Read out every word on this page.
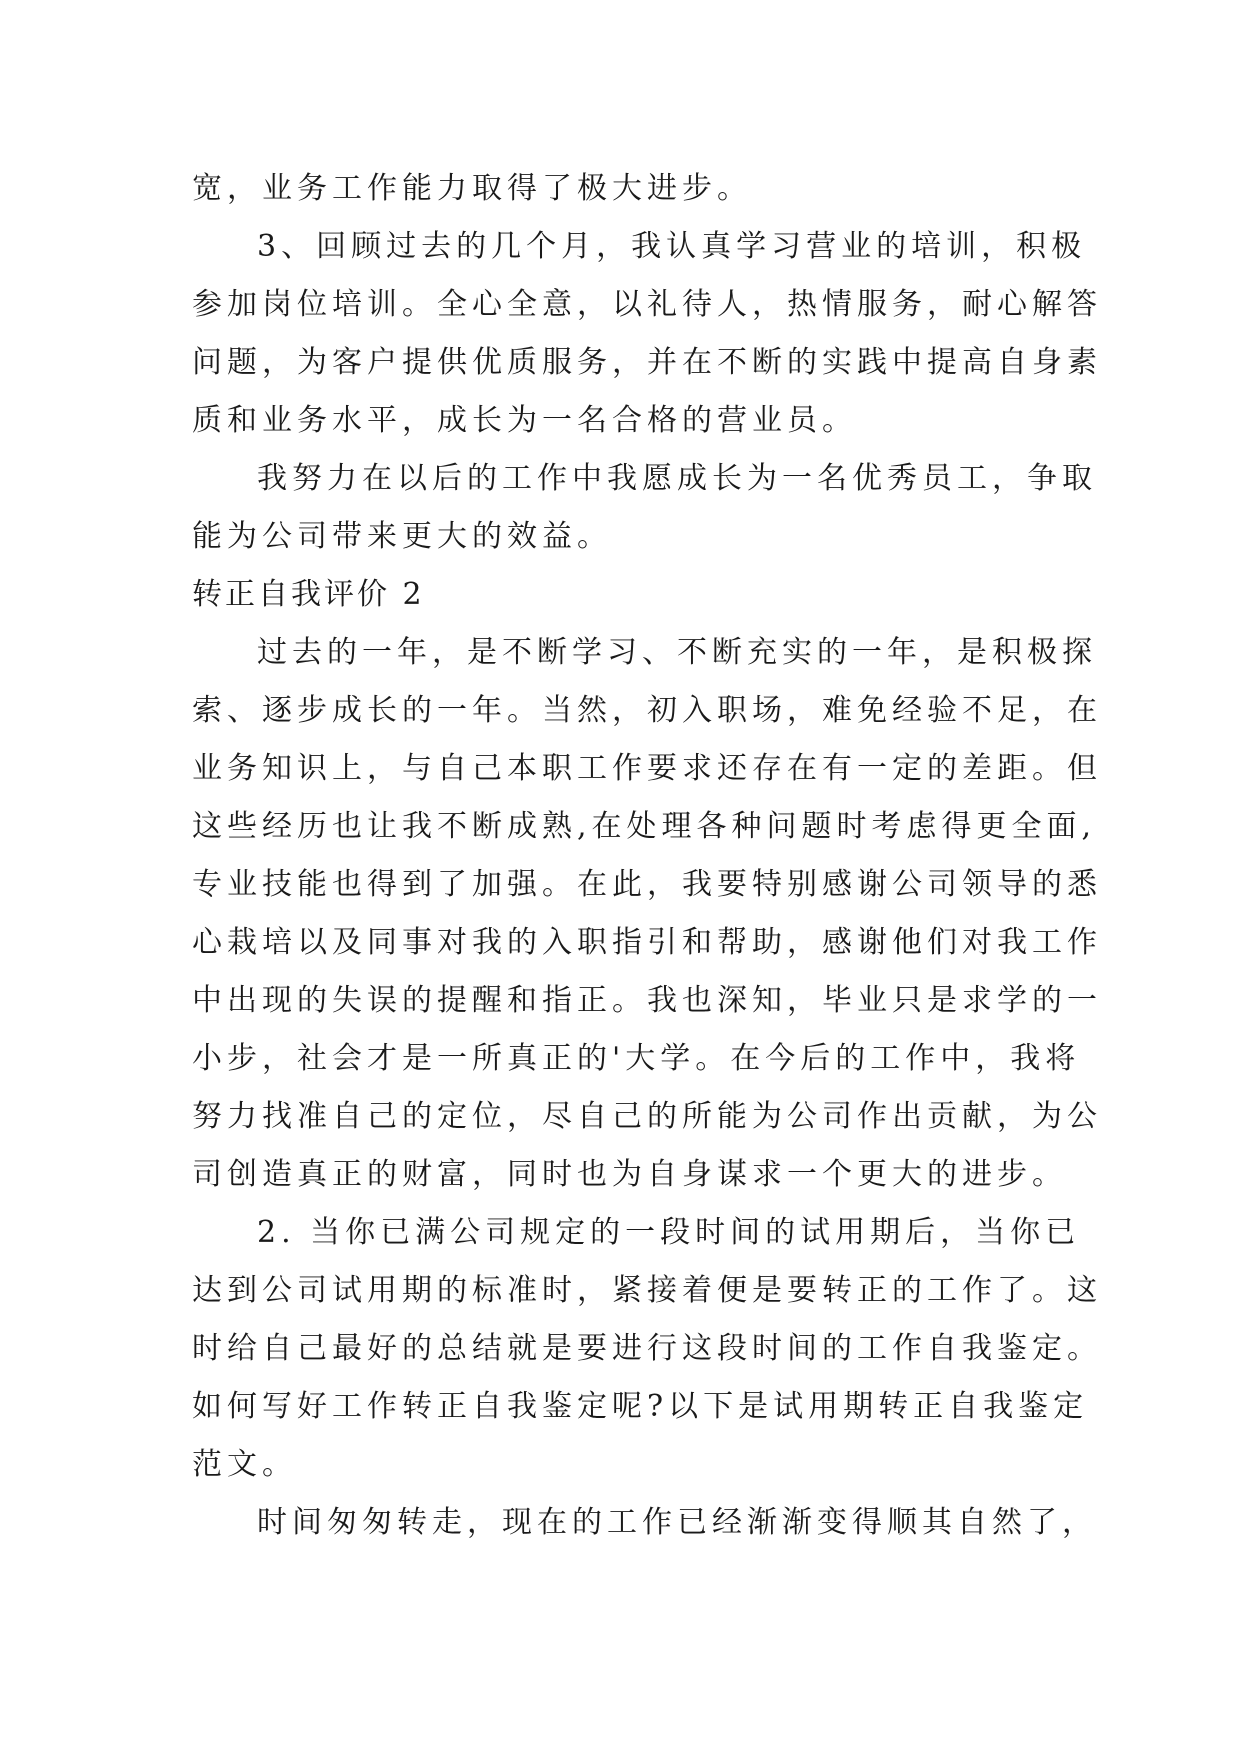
宽，业务工作能力取得了极大进步。
3、回顾过去的几个月，我认真学习营业的培训，积极
参加岗位培训。全心全意，以礼待人，热情服务，耐心解答
问题，为客户提供优质服务，并在不断的实践中提高自身素
质和业务水平，成长为一名合格的营业员。
我努力在以后的工作中我愿成长为一名优秀员工，争取
能为公司带来更大的效益。
转正自我评价 2
过去的一年，是不断学习、不断充实的一年，是积极探
索、逐步成长的一年。当然，初入职场，难免经验不足，在
业务知识上，与自己本职工作要求还存在有一定的差距。但
这些经历也让我不断成熟,在处理各种问题时考虑得更全面,
专业技能也得到了加强。在此，我要特别感谢公司领导的悉
心栽培以及同事对我的入职指引和帮助，感谢他们对我工作
中出现的失误的提醒和指正。我也深知，毕业只是求学的一
小步，社会才是一所真正的'大学。在今后的工作中，我将
努力找准自己的定位，尽自己的所能为公司作出贡献，为公
司创造真正的财富，同时也为自身谋求一个更大的进步。
2. 当你已满公司规定的一段时间的试用期后，当你已
达到公司试用期的标准时，紧接着便是要转正的工作了。这
时给自己最好的总结就是要进行这段时间的工作自我鉴定。
如何写好工作转正自我鉴定呢?以下是试用期转正自我鉴定
范文。
时间匆匆转走，现在的工作已经渐渐变得顺其自然了，
